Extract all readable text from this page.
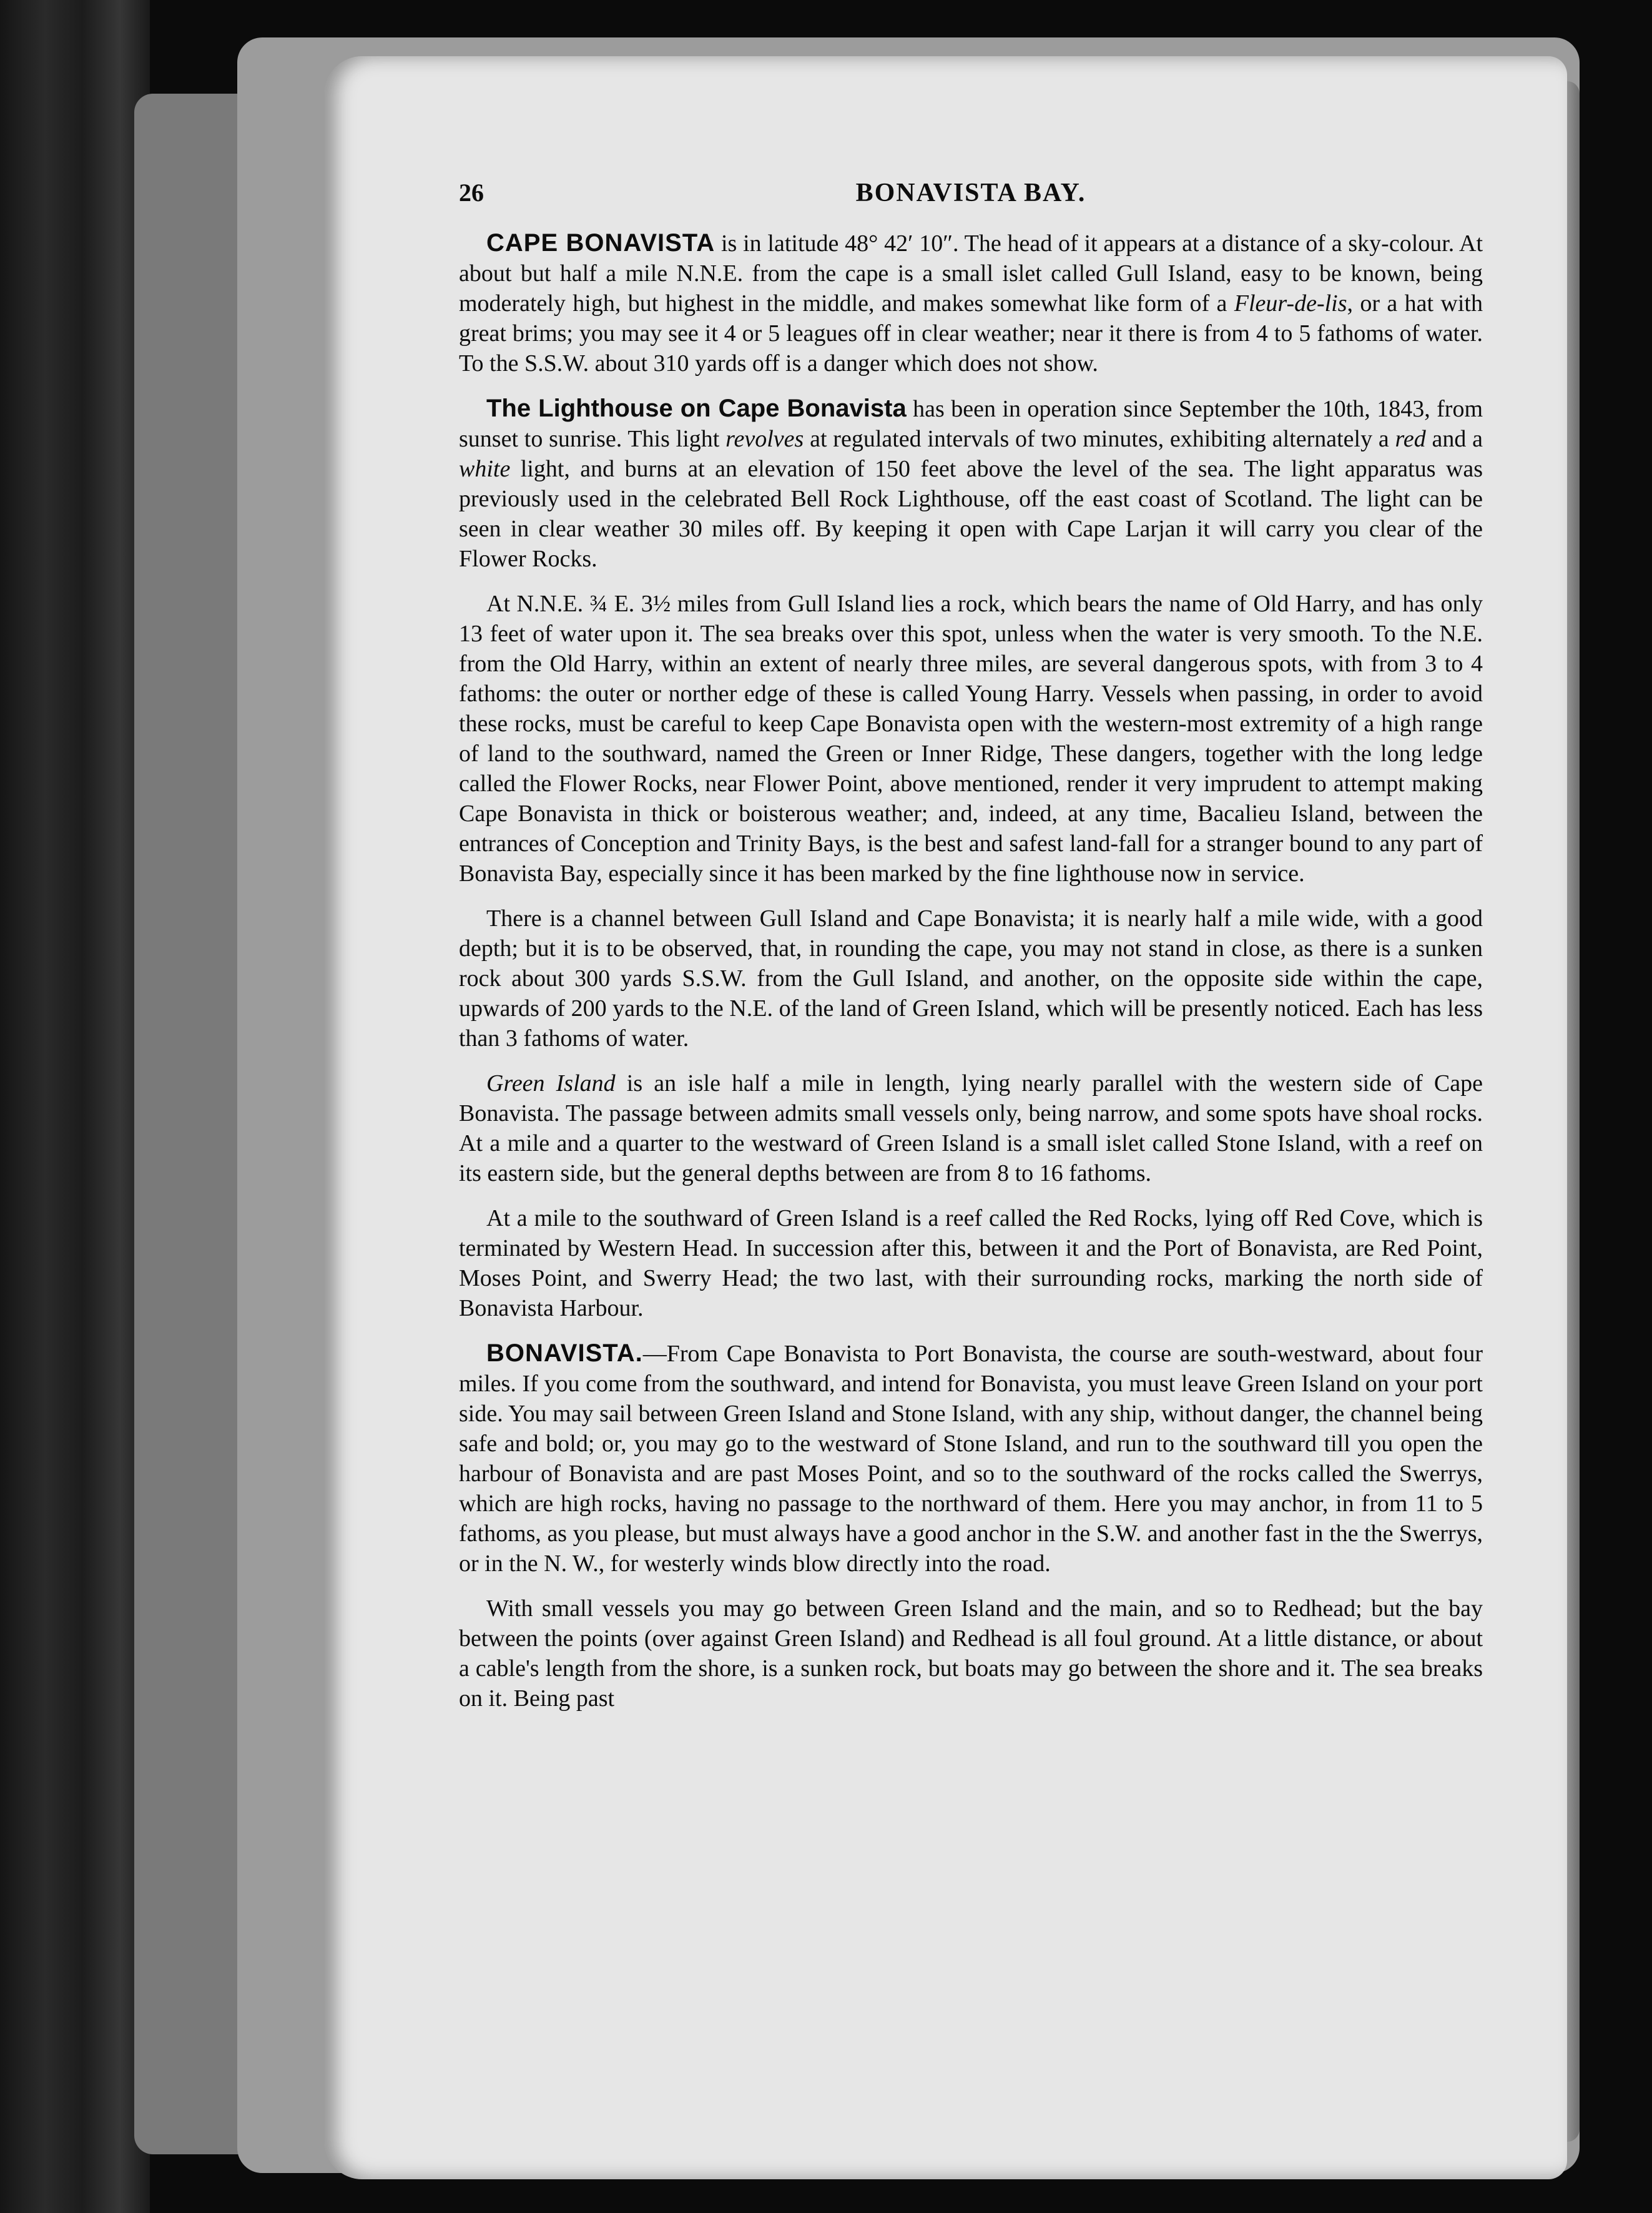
26	BONAVISTA BAY.

CAPE BONAVISTA is in latitude 48° 42′ 10″. The head of it appears at a distance of a sky-colour. At about but half a mile N.N.E. from the cape is a small islet called Gull Island, easy to be known, being moderately high, but highest in the middle, and makes somewhat like form of a Fleur-de-lis, or a hat with great brims; you may see it 4 or 5 leagues off in clear weather; near it there is from 4 to 5 fathoms of water. To the S.S.W. about 310 yards off is a danger which does not show.

The Lighthouse on Cape Bonavista has been in operation since September the 10th, 1843, from sunset to sunrise. This light revolves at regulated intervals of two minutes, exhibiting alternately a red and a white light, and burns at an elevation of 150 feet above the level of the sea. The light apparatus was previously used in the celebrated Bell Rock Lighthouse, off the east coast of Scotland. The light can be seen in clear weather 30 miles off. By keeping it open with Cape Larjan it will carry you clear of the Flower Rocks.

At N.N.E. ¾ E. 3½ miles from Gull Island lies a rock, which bears the name of Old Harry, and has only 13 feet of water upon it. The sea breaks over this spot, unless when the water is very smooth. To the N.E. from the Old Harry, within an extent of nearly three miles, are several dangerous spots, with from 3 to 4 fathoms: the outer or norther edge of these is called Young Harry. Vessels when passing, in order to avoid these rocks, must be careful to keep Cape Bonavista open with the western-most extremity of a high range of land to the southward, named the Green or Inner Ridge, These dangers, together with the long ledge called the Flower Rocks, near Flower Point, above mentioned, render it very imprudent to attempt making Cape Bonavista in thick or boisterous weather; and, indeed, at any time, Bacalieu Island, between the entrances of Conception and Trinity Bays, is the best and safest land-fall for a stranger bound to any part of Bonavista Bay, especially since it has been marked by the fine lighthouse now in service.

There is a channel between Gull Island and Cape Bonavista; it is nearly half a mile wide, with a good depth; but it is to be observed, that, in rounding the cape, you may not stand in close, as there is a sunken rock about 300 yards S.S.W. from the Gull Island, and another, on the opposite side within the cape, upwards of 200 yards to the N.E. of the land of Green Island, which will be presently noticed. Each has less than 3 fathoms of water.

Green Island is an isle half a mile in length, lying nearly parallel with the western side of Cape Bonavista. The passage between admits small vessels only, being narrow, and some spots have shoal rocks. At a mile and a quarter to the westward of Green Island is a small islet called Stone Island, with a reef on its eastern side, but the general depths between are from 8 to 16 fathoms.

At a mile to the southward of Green Island is a reef called the Red Rocks, lying off Red Cove, which is terminated by Western Head. In succession after this, between it and the Port of Bonavista, are Red Point, Moses Point, and Swerry Head; the two last, with their surrounding rocks, marking the north side of Bonavista Harbour.

BONAVISTA.—From Cape Bonavista to Port Bonavista, the course are south-westward, about four miles. If you come from the southward, and intend for Bonavista, you must leave Green Island on your port side. You may sail between Green Island and Stone Island, with any ship, without danger, the channel being safe and bold; or, you may go to the westward of Stone Island, and run to the southward till you open the harbour of Bonavista and are past Moses Point, and so to the southward of the rocks called the Swerrys, which are high rocks, having no passage to the northward of them. Here you may anchor, in from 11 to 5 fathoms, as you please, but must always have a good anchor in the S.W. and another fast in the the Swerrys, or in the N. W., for westerly winds blow directly into the road.

With small vessels you may go between Green Island and the main, and so to Redhead; but the bay between the points (over against Green Island) and Redhead is all foul ground. At a little distance, or about a cable's length from the shore, is a sunken rock, but boats may go between the shore and it. The sea breaks on it. Being past
